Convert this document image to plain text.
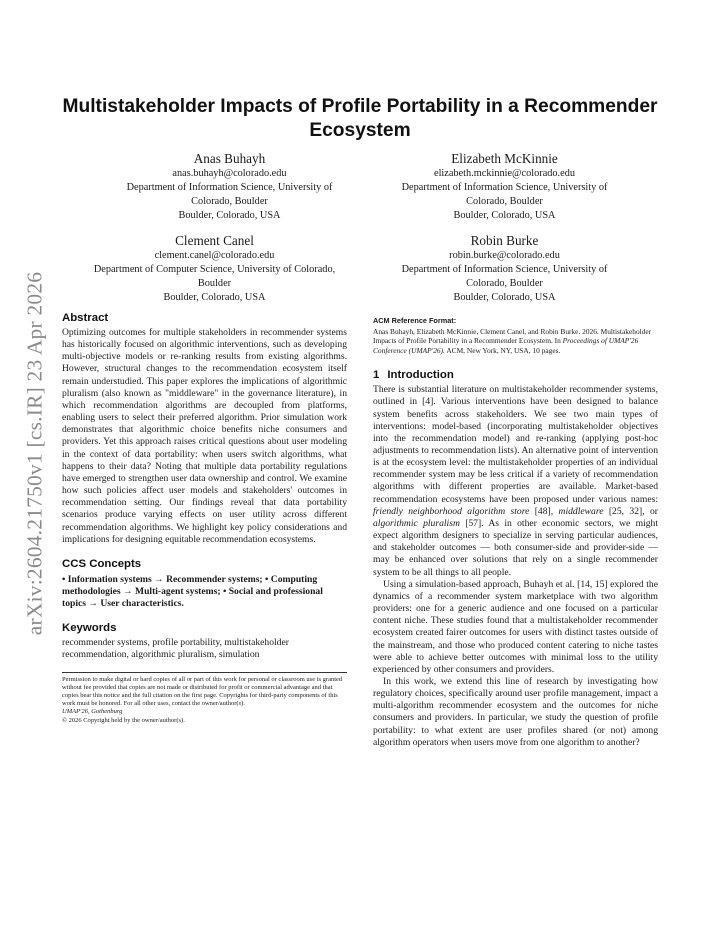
arXiv:2604.21750v1 [cs.IR] 23 Apr 2026
Multistakeholder Impacts of Profile Portability in a Recommender Ecosystem
Anas Buhayh
anas.buhayh@colorado.edu
Department of Information Science, University of
Colorado, Boulder
Boulder, Colorado, USA
Elizabeth McKinnie
elizabeth.mckinnie@colorado.edu
Department of Information Science, University of
Colorado, Boulder
Boulder, Colorado, USA
Clement Canel
clement.canel@colorado.edu
Department of Computer Science, University of Colorado,
Boulder
Boulder, Colorado, USA
Robin Burke
robin.burke@colorado.edu
Department of Information Science, University of
Colorado, Boulder
Boulder, Colorado, USA
Abstract

Optimizing outcomes for multiple stakeholders in recommender systems has historically focused on algorithmic interventions, such as developing multi-objective models or re-ranking results from existing algorithms. However, structural changes to the recommendation ecosystem itself remain understudied. This paper explores the implications of algorithmic pluralism (also known as "middleware" in the governance literature), in which recommendation algorithms are decoupled from platforms, enabling users to select their preferred algorithm. Prior simulation work demonstrates that algorithmic choice benefits niche consumers and providers. Yet this approach raises critical questions about user modeling in the context of data portability: when users switch algorithms, what happens to their data? Noting that multiple data portability regulations have emerged to strengthen user data ownership and control. We examine how such policies affect user models and stakeholders' outcomes in recommendation setting. Our findings reveal that data portability scenarios produce varying effects on user utility across different recommendation algorithms. We highlight key policy considerations and implications for designing equitable recommendation ecosystems.

CCS Concepts

• Information systems → Recommender systems; • Computing methodologies → Multi-agent systems; • Social and professional topics → User characteristics.

Keywords

recommender systems, profile portability, multistakeholder recommendation, algorithmic pluralism, simulation

Permission to make digital or hard copies of all or part of this work for personal or classroom use is granted without fee provided that copies are not made or distributed for profit or commercial advantage and that copies bear this notice and the full citation on the first page. Copyrights for third-party components of this work must be honored. For all other uses, contact the owner/author(s).

UMAP'26, Gothenburg

© 2026 Copyright held by the owner/author(s).

ACM Reference Format:

Anas Buhayh, Elizabeth McKinnie, Clement Canel, and Robin Burke. 2026. Multistakeholder Impacts of Profile Portability in a Recommender Ecosystem. In Proceedings of UMAP'26 Conference (UMAP'26). ACM, New York, NY, USA, 10 pages.

1 Introduction

There is substantial literature on multistakeholder recommender systems, outlined in [4]. Various interventions have been designed to balance system benefits across stakeholders. We see two main types of interventions: model-based (incorporating multistakeholder objectives into the recommendation model) and re-ranking (applying post-hoc adjustments to recommendation lists). An alternative point of intervention is at the ecosystem level: the multistakeholder properties of an individual recommender system may be less critical if a variety of recommendation algorithms with different properties are available. Market-based recommendation ecosystems have been proposed under various names: friendly neighborhood algorithm store [48], middleware [25, 32], or algorithmic pluralism [57]. As in other economic sectors, we might expect algorithm designers to specialize in serving particular audiences, and stakeholder outcomes — both consumer-side and provider-side — may be enhanced over solutions that rely on a single recommender system to be all things to all people.

Using a simulation-based approach, Buhayh et al. [14, 15] explored the dynamics of a recommender system marketplace with two algorithm providers: one for a generic audience and one focused on a particular content niche. These studies found that a multistakeholder recommender ecosystem created fairer outcomes for users with distinct tastes outside of the mainstream, and those who produced content catering to niche tastes were able to achieve better outcomes with minimal loss to the utility experienced by other consumers and providers.

In this work, we extend this line of research by investigating how regulatory choices, specifically around user profile management, impact a multi-algorithm recommender ecosystem and the outcomes for niche consumers and providers. In particular, we study the question of profile portability: to what extent are user profiles shared (or not) among algorithm operators when users move from one algorithm to another?
